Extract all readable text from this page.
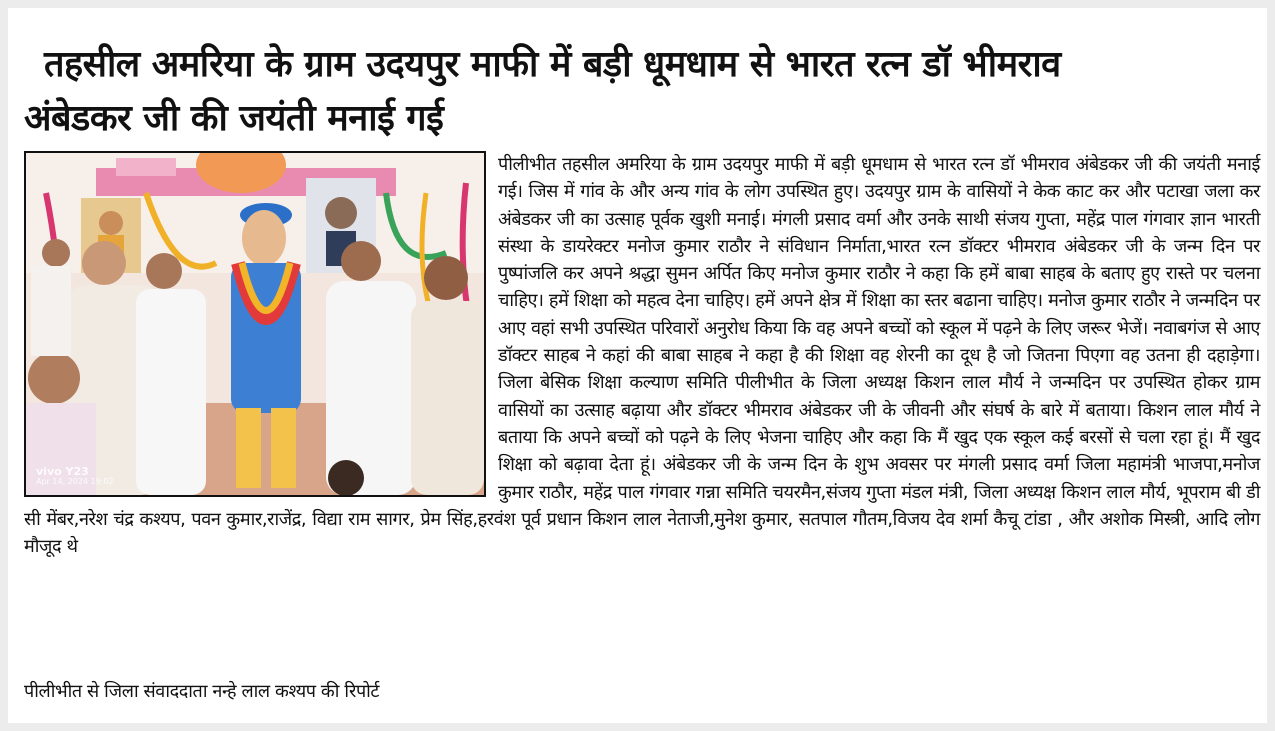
तहसील अमरिया के ग्राम उदयपुर माफी में बड़ी धूमधाम से भारत रत्न डॉ भीमराव
अंबेडकर जी की जयंती मनाई गई

पीलीभीत तहसील अमरिया के ग्राम उदयपुर माफी में बड़ी धूमधाम से भारत रत्न डॉ भीमराव अंबेडकर जी की जयंती मनाई गई। जिस में गांव के और अन्य गांव के लोग उपस्थित हुए। उदयपुर ग्राम के वासियों ने केक काट कर और पटाखा जला कर अंबेडकर जी का उत्साह पूर्वक खुशी मनाई। मंगली प्रसाद वर्मा और उनके साथी संजय गुप्ता, महेंद्र पाल गंगवार ज्ञान भारती संस्था के डायरेक्टर मनोज कुमार राठौर ने संविधान निर्माता,भारत रत्न डॉक्टर भीमराव अंबेडकर जी के जन्म दिन पर पुष्पांजलि कर अपने श्रद्धा सुमन अर्पित किए मनोज कुमार राठौर ने कहा कि हमें बाबा साहब के बताए हुए रास्ते पर चलना चाहिए। हमें शिक्षा को महत्व देना चाहिए। हमें अपने क्षेत्र में शिक्षा का स्तर बढाना चाहिए। मनोज कुमार राठौर ने जन्मदिन पर आए वहां सभी उपस्थित परिवारों अनुरोध किया कि वह अपने बच्चों को स्कूल में पढ़ने के लिए जरूर भेजें। नवाबगंज से आए डॉक्टर साहब ने कहां की बाबा साहब ने कहा है की शिक्षा वह शेरनी का दूध है जो जितना पिएगा वह उतना ही दहाड़ेगा। जिला बेसिक शिक्षा कल्याण समिति पीलीभीत के जिला अध्यक्ष किशन लाल मौर्य ने जन्मदिन पर उपस्थित होकर ग्राम वासियों का उत्साह बढ़ाया और डॉक्टर भीमराव अंबेडकर जी के जीवनी और संघर्ष के बारे में बताया। किशन लाल मौर्य ने बताया कि अपने बच्चों को पढ़ने के लिए भेजना चाहिए और कहा कि मैं खुद एक स्कूल कई बरसों से चला रहा हूं। मैं खुद शिक्षा को बढ़ावा देता हूं। अंबेडकर जी के जन्म दिन के शुभ अवसर पर मंगली प्रसाद वर्मा जिला महामंत्री भाजपा,मनोज कुमार राठौर, महेंद्र पाल गंगवार गन्ना समिति चयरमैन,संजय गुप्ता मंडल मंत्री, जिला अध्यक्ष किशन लाल मौर्य, भूपराम बी डी सी मेंबर,नरेश चंद्र कश्यप, पवन कुमार,राजेंद्र, विद्या राम सागर, प्रेम सिंह,हरवंश पूर्व प्रधान किशन लाल नेताजी,मुनेश कुमार, सतपाल गौतम,विजय देव शर्मा कैचू टांडा , और अशोक मिस्त्री, आदि लोग मौजूद थे

vivo Y23
Apr 14, 2024 19:02
पीलीभीत से जिला संवाददाता नन्हे लाल कश्यप की रिपोर्ट
